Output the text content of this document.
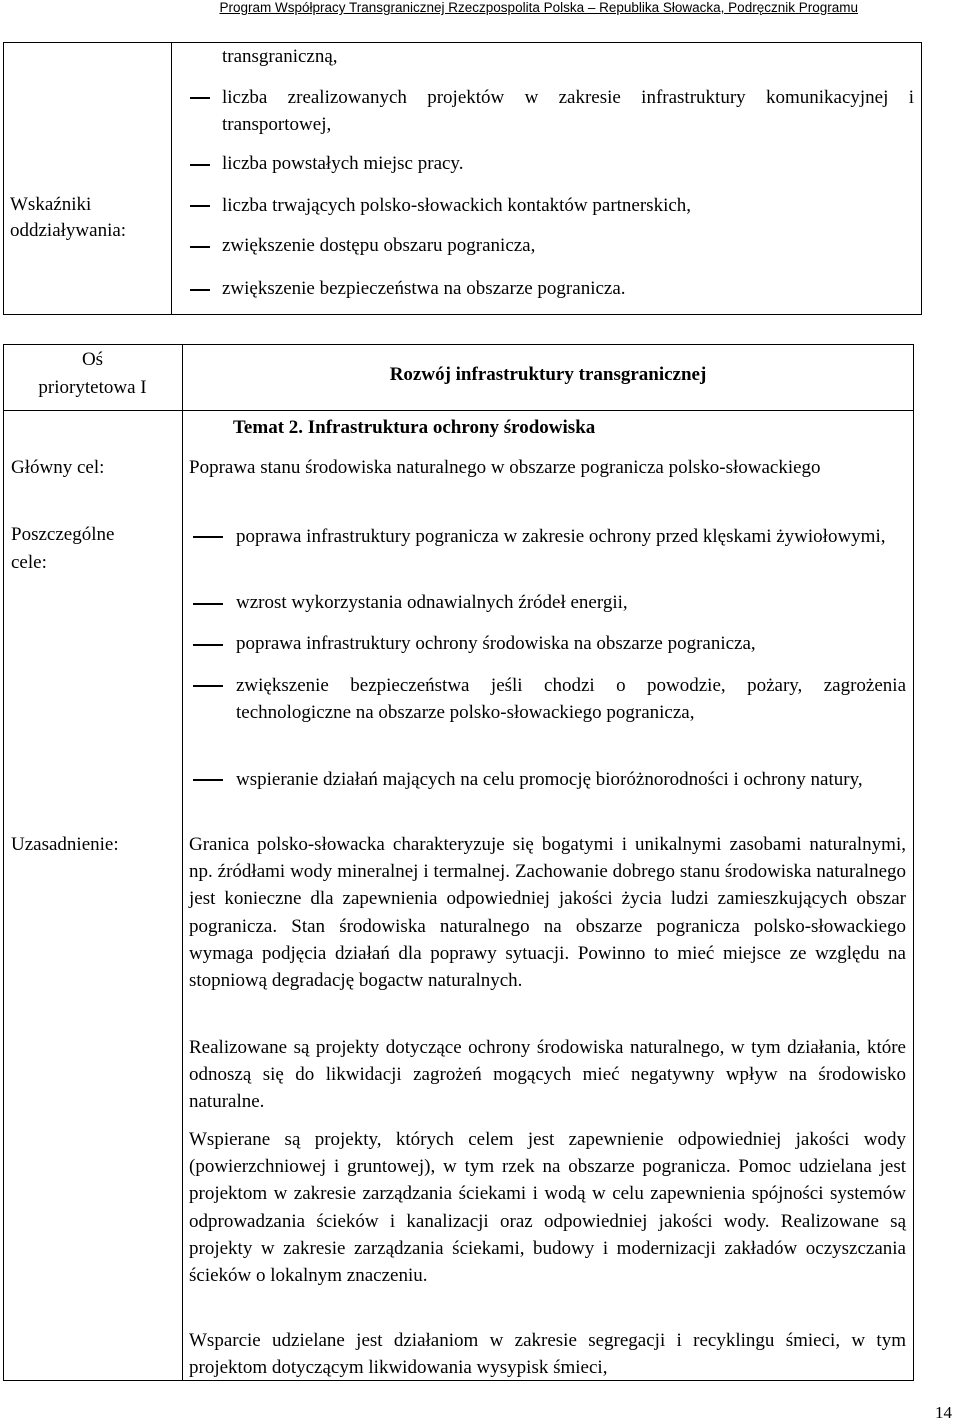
Program Współpracy Transgranicznej Rzeczpospolita Polska – Republika Słowacka, Podręcznik Programu
Wskaźniki
oddziaływania:
transgraniczną,
liczba zrealizowanych projektów w zakresie infrastruktury komunikacyjnej i transportowej,
liczba powstałych miejsc pracy.
liczba trwających polsko-słowackich kontaktów partnerskich,
zwiększenie dostępu obszaru pogranicza,
zwiększenie bezpieczeństwa na obszarze pogranicza.
Oś
priorytetowa I
Rozwój infrastruktury transgranicznej
Temat 2. Infrastruktura ochrony środowiska
Główny cel:	Poprawa stanu środowiska naturalnego w obszarze pogranicza polsko-słowackiego
Poszczególne
cele:
poprawa infrastruktury pogranicza w zakresie ochrony przed klęskami żywiołowymi,
wzrost wykorzystania odnawialnych źródeł energii,
poprawa infrastruktury ochrony środowiska na obszarze pogranicza,
zwiększenie bezpieczeństwa jeśli chodzi o powodzie, pożary, zagrożenia technologiczne na obszarze polsko-słowackiego pogranicza,
wspieranie działań mających na celu promocję bioróżnorodności i ochrony natury,
Uzasadnienie:	Granica polsko-słowacka charakteryzuje się bogatymi i unikalnymi zasobami naturalnymi, np. źródłami wody mineralnej i termalnej. Zachowanie dobrego stanu środowiska naturalnego jest konieczne dla zapewnienia odpowiedniej jakości życia ludzi zamieszkujących obszar pogranicza. Stan środowiska naturalnego na obszarze pogranicza polsko-słowackiego wymaga podjęcia działań dla poprawy sytuacji. Powinno to mieć miejsce ze względu na stopniową degradację bogactw naturalnych.
Realizowane są projekty dotyczące ochrony środowiska naturalnego, w tym działania, które odnoszą się do likwidacji zagrożeń mogących mieć negatywny wpływ na środowisko naturalne.
Wspierane są projekty, których celem jest zapewnienie odpowiedniej jakości wody (powierzchniowej i gruntowej), w tym rzek na obszarze pogranicza. Pomoc udzielana jest projektom w zakresie zarządzania ściekami i wodą w celu zapewnienia spójności systemów odprowadzania ścieków i kanalizacji oraz odpowiedniej jakości wody. Realizowane są projekty w zakresie zarządzania ściekami, budowy i modernizacji zakładów oczyszczania ścieków o lokalnym znaczeniu.
Wsparcie udzielane jest działaniom w zakresie segregacji i recyklingu śmieci, w tym projektom dotyczącym likwidowania wysypisk śmieci,
14
